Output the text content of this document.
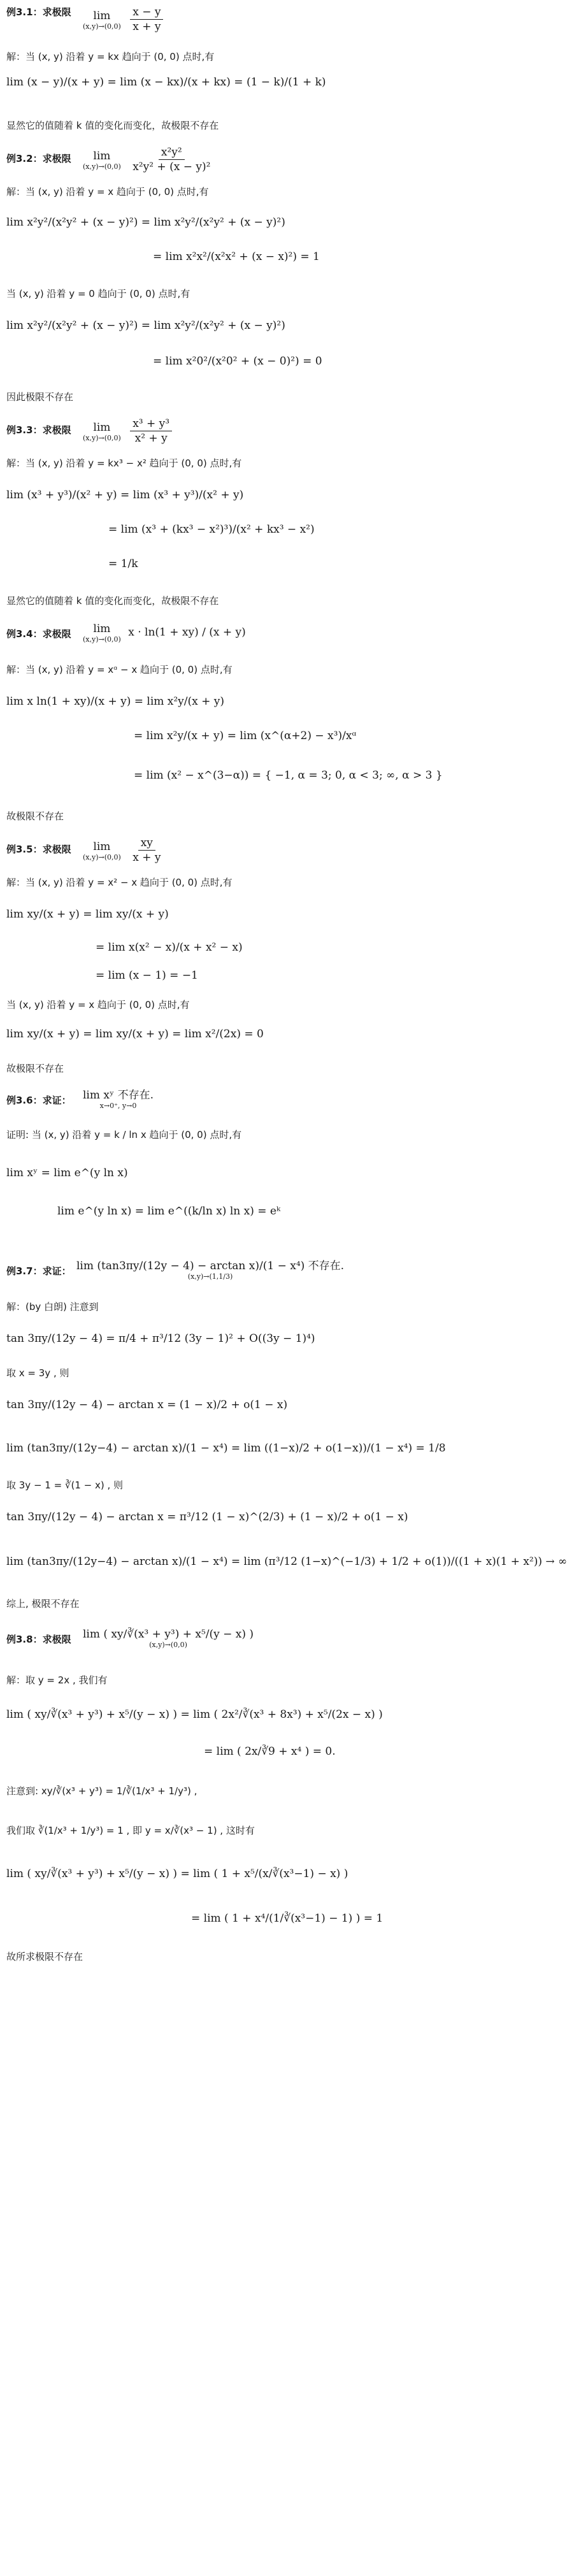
例3.1：求极限 lim
(x,y)→(0,0)
$\frac{x - y}{x + y}$
解：当 (x, y) 沿着 y = kx 趋向于 (0, 0) 点时,有
lim (x − y)/(x + y) = lim (x − kx)/(x + kx) = (1 − k)/(1 + k)
显然它的值随着 k 值的变化而变化，故极限不存在
例3.2：求极限 lim
(x,y)→(0,0)
$\frac{\text{x²y²}}{\text{x²y² + (x − y)²}}$
解：当 (x, y) 沿着 y = x 趋向于 (0, 0) 点时,有
lim x²y²/(x²y² + (x − y)²) = lim x²y²/(x²y² + (x − y)²)
= lim x²x²/(x²x² + (x − x)²) = 1
当 (x, y) 沿着 y = 0 趋向于 (0, 0) 点时,有
lim x²y²/(x²y² + (x − y)²) = lim x²y²/(x²y² + (x − y)²)
= lim x²0²/(x²0² + (x − 0)²) = 0
因此极限不存在
例3.3：求极限 lim
(x,y)→(0,0)
$\frac{\text{x³ + y³}}{\text{x² + y}}$
解：当 (x, y) 沿着 y = kx³ − x² 趋向于 (0, 0) 点时,有
lim (x³ + y³)/(x² + y) = lim (x³ + y³)/(x² + y)
= lim (x³ + (kx³ − x²)³)/(x² + kx³ − x²)
= 1/k
显然它的值随着 k 值的变化而变化，故极限不存在
例3.4：求极限 lim
(x,y)→(0,0)
x · ln(1 + xy) / (x + y)
解：当 (x, y) 沿着 y = xᵅ − x 趋向于 (0, 0) 点时,有
lim x ln(1 + xy)/(x + y) = lim x²y/(x + y)
= lim x²y/(x + y) = lim (x^(α+2) − x³)/xᵅ
= lim (x² − x^(3−α)) = { −1, α = 3; 0, α < 3; ∞, α > 3 }
故极限不存在
例3.5：求极限 lim
(x,y)→(0,0)
$\frac{xy}{x + y}$
解：当 (x, y) 沿着 y = x² − x 趋向于 (0, 0) 点时,有
lim xy/(x + y) = lim xy/(x + y)
= lim x(x² − x)/(x + x² − x)
= lim (x − 1) = −1
当 (x, y) 沿着 y = x 趋向于 (0, 0) 点时,有
lim xy/(x + y) = lim xy/(x + y) = lim x²/(2x) = 0
故极限不存在
例3.6：求证： lim xʸ 不存在.
x→0⁺, y→0
证明: 当 (x, y) 沿着 y = k / ln x 趋向于 (0, 0) 点时,有
lim xʸ = lim e^(y ln x)
lim e^(y ln x) = lim e^((k/ln x) ln x) = eᵏ
例3.7：求证： lim (tan3πy/(12y − 4) − arctan x)/(1 − x⁴) 不存在.
(x,y)→(1,1/3)
解：(by 白朗) 注意到
tan 3πy/(12y − 4) = π/4 + π³/12 (3y − 1)² + O((3y − 1)⁴)
取 x = 3y , 则
tan 3πy/(12y − 4) − arctan x = (1 − x)/2 + o(1 − x)
lim (tan3πy/(12y−4) − arctan x)/(1 − x⁴) = lim ((1−x)/2 + o(1−x))/(1 − x⁴) = 1/8
取 3y − 1 = ∛(1 − x) , 则
tan 3πy/(12y − 4) − arctan x = π³/12 (1 − x)^(2/3) + (1 − x)/2 + o(1 − x)
lim (tan3πy/(12y−4) − arctan x)/(1 − x⁴) = lim (π³/12 (1−x)^(−1/3) + 1/2 + o(1))/((1 + x)(1 + x²)) → ∞
综上, 极限不存在
例3.8：求极限 lim ( xy/∛(x³ + y³) + x⁵/(y − x) )
(x,y)→(0,0)
解：取 y = 2x , 我们有
lim ( xy/∛(x³ + y³) + x⁵/(y − x) ) = lim ( 2x²/∛(x³ + 8x³) + x⁵/(2x − x) )
= lim ( 2x/∛9 + x⁴ ) = 0.
注意到: xy/∛(x³ + y³) = 1/∛(1/x³ + 1/y³) ,
我们取 ∛(1/x³ + 1/y³) = 1 , 即 y = x/∛(x³ − 1) , 这时有
lim ( xy/∛(x³ + y³) + x⁵/(y − x) ) = lim ( 1 + x⁵/(x/∛(x³−1) − x) )
= lim ( 1 + x⁴/(1/∛(x³−1) − 1) ) = 1
故所求极限不存在
